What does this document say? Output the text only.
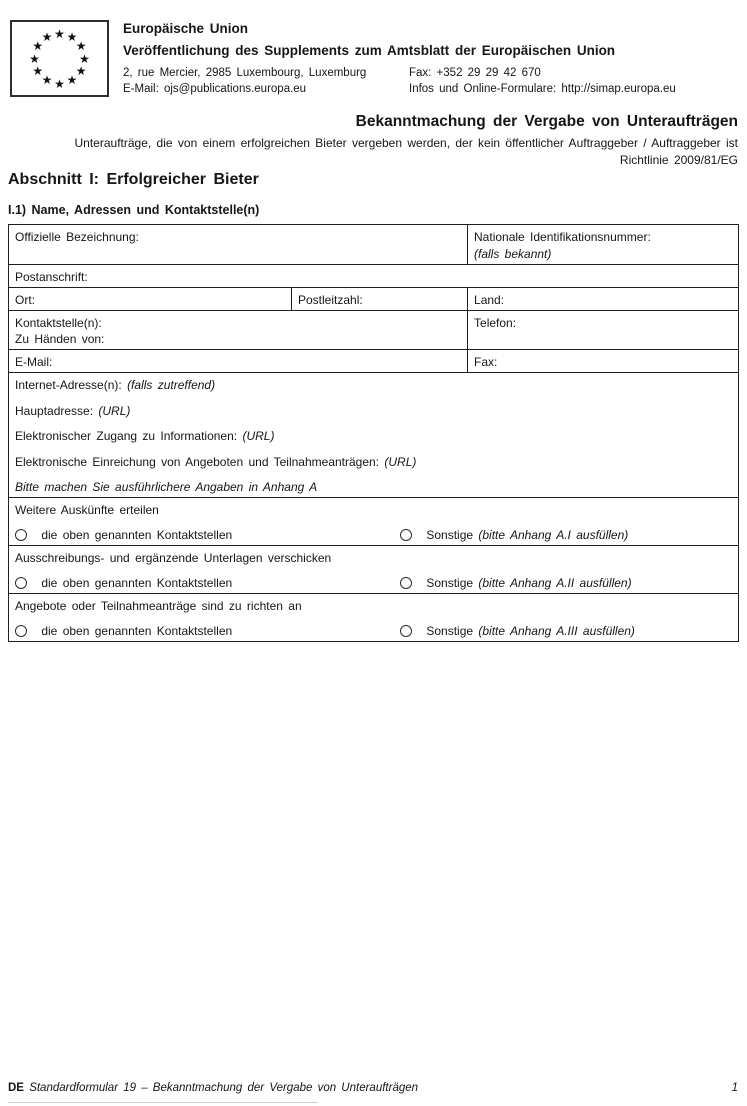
★ ★
★
★
★
★
★
★
★
★
★
★
Europäische Union
Veröffentlichung des Supplements zum Amtsblatt der Europäischen Union
2, rue Mercier, 2985 Luxembourg, Luxemburg	Fax: +352 29 29 42 670
E-Mail: ojs@publications.europa.eu	Infos und Online-Formulare: http://simap.europa.eu
Bekanntmachung der Vergabe von Unteraufträgen
Unteraufträge, die von einem erfolgreichen Bieter vergeben werden, der kein öffentlicher Auftraggeber / Auftraggeber ist
Richtlinie 2009/81/EG
Abschnitt I: Erfolgreicher Bieter
I.1) Name, Adressen und Kontaktstelle(n)
Offizielle Bezeichnung:		Nationale Identifikationsnummer:
(falls bekannt)

Postanschrift:		
Ort:	Postleitzahl:	Land:

Kontaktstelle(n):
Zu Händen von:		Telefon:
E-Mail:		Fax:

Internet-Adresse(n): (falls zutreffend)

Hauptadresse: (URL)

Elektronischer Zugang zu Informationen: (URL)

Elektronische Einreichung von Angeboten und Teilnahmeanträgen: (URL)

Bitte machen Sie ausführlichere Angaben in Anhang A		

Weitere Auskünfte erteilen
die oben genannten Kontaktstellen Sonstige (bitte Anhang A.I ausfüllen)		

Ausschreibungs- und ergänzende Unterlagen verschicken
die oben genannten Kontaktstellen Sonstige (bitte Anhang A.II ausfüllen)		

Angebote oder Teilnahmeanträge sind zu richten an
die oben genannten Kontaktstellen Sonstige (bitte Anhang A.III ausfüllen)		
DE Standardformular 19 – Bekanntmachung der Vergabe von Unteraufträgen	1
